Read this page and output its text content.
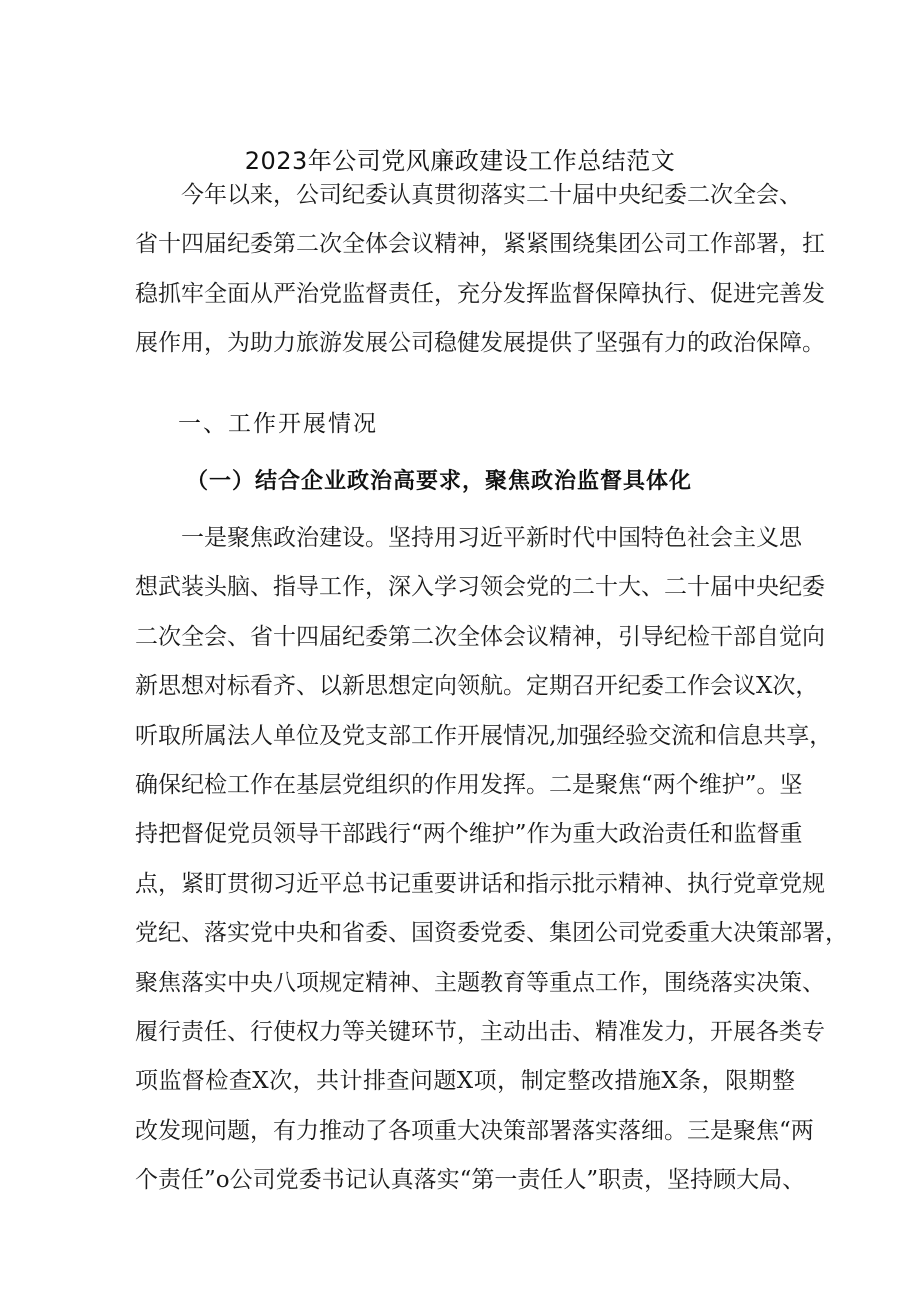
2023年公司党风廉政建设工作总结范文
今年以来，公司纪委认真贯彻落实二十届中央纪委二次全会、
省十四届纪委第二次全体会议精神，紧紧围绕集团公司工作部署，扛
稳抓牢全面从严治党监督责任，充分发挥监督保障执行、促进完善发
展作用，为助力旅游发展公司稳健发展提供了坚强有力的政治保障。
一、工作开展情况
（一）结合企业政治高要求，聚焦政治监督具体化
一是聚焦政治建设。坚持用习近平新时代中国特色社会主义思
想武装头脑、指导工作，深入学习领会党的二十大、二十届中央纪委
二次全会、省十四届纪委第二次全体会议精神，引导纪检干部自觉向
新思想对标看齐、以新思想定向领航。定期召开纪委工作会议X次，
听取所属法人单位及党支部工作开展情况,加强经验交流和信息共享，
确保纪检工作在基层党组织的作用发挥。二是聚焦“两个维护”。坚
持把督促党员领导干部践行“两个维护”作为重大政治责任和监督重
点，紧盯贯彻习近平总书记重要讲话和指示批示精神、执行党章党规
党纪、落实党中央和省委、国资委党委、集团公司党委重大决策部署，
聚焦落实中央八项规定精神、主题教育等重点工作，围绕落实决策、
履行责任、行使权力等关键环节，主动出击、精准发力，开展各类专
项监督检查X次，共计排查问题X项，制定整改措施X条，限期整
改发现问题，有力推动了各项重大决策部署落实落细。三是聚焦“两
个责任”o公司党委书记认真落实“第一责任人”职责，坚持顾大局、
